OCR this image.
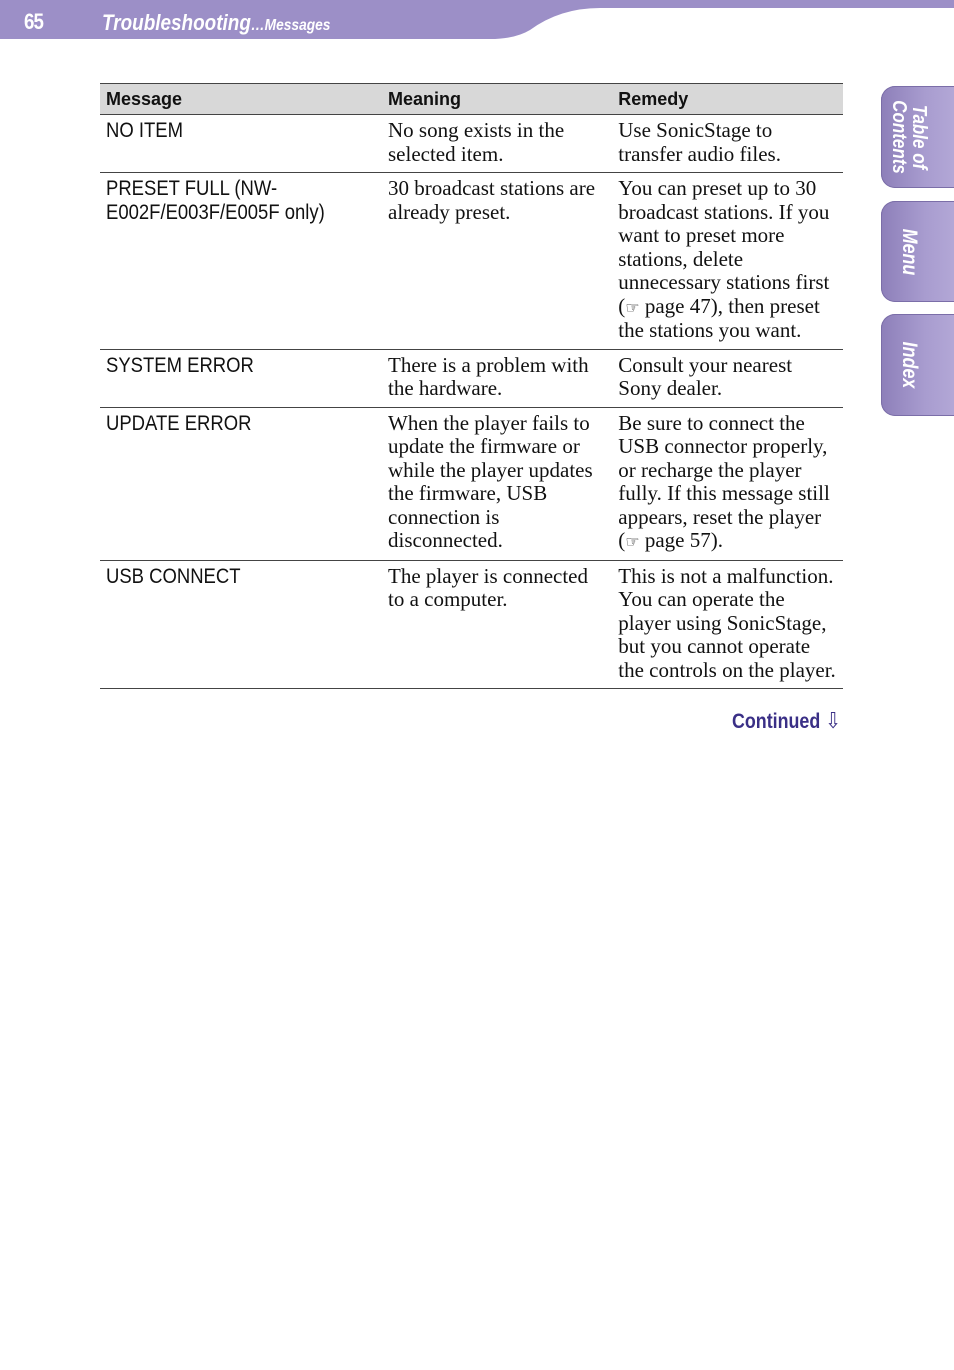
65	Troubleshooting…Messages
Table of
Contents
Menu
Index
Message	Meaning	Remedy
NO ITEM	No song exists in the selected item.	Use SonicStage to transfer audio files.
PRESET FULL (NW-E002F/E003F/E005F only)	30 broadcast stations are already preset.	You can preset up to 30 broadcast stations. If you want to preset more stations, delete unnecessary stations first (☞ page 47), then preset the stations you want.
SYSTEM ERROR	There is a problem with the hardware.	Consult your nearest Sony dealer.
UPDATE ERROR	When the player fails to update the firmware or while the player updates the firmware, USB connection is disconnected.	Be sure to connect the USB connector properly, or recharge the player fully. If this message still appears, reset the player (☞ page 57).
USB CONNECT	The player is connected to a computer.	This is not a malfunction. You can operate the player using SonicStage, but you cannot operate the controls on the player.
Continued ⇩
